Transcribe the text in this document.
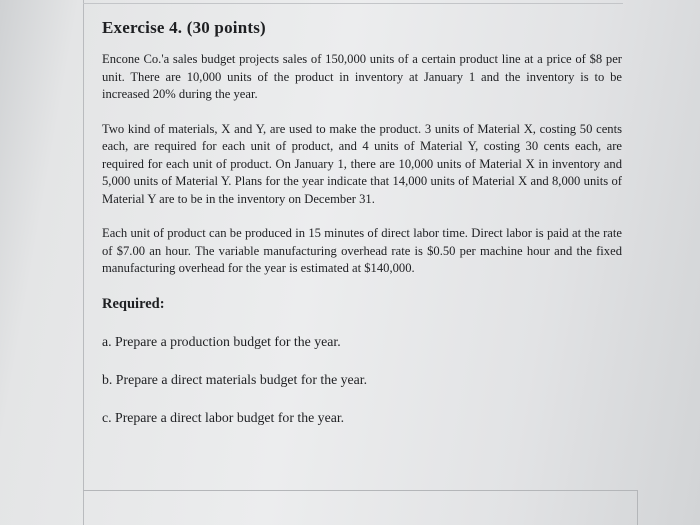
Exercise 4. (30 points)

Encone Co.'a sales budget projects sales of 150,000 units of a certain product line at a price of $8 per unit. There are 10,000 units of the product in inventory at January 1 and the inventory is to be increased 20% during the year.

Two kind of materials, X and Y, are used to make the product. 3 units of Material X, costing 50 cents each, are required for each unit of product, and 4 units of Material Y, costing 30 cents each, are required for each unit of product. On January 1, there are 10,000 units of Material X in inventory and 5,000 units of Material Y. Plans for the year indicate that 14,000 units of Material X and 8,000 units of Material Y are to be in the inventory on December 31.

Each unit of product can be produced in 15 minutes of direct labor time. Direct labor is paid at the rate of $7.00 an hour. The variable manufacturing overhead rate is $0.50 per machine hour and the fixed manufacturing overhead for the year is estimated at $140,000.

Required:
a. Prepare a production budget for the year.
b. Prepare a direct materials budget for the year.
c. Prepare a direct labor budget for the year.
